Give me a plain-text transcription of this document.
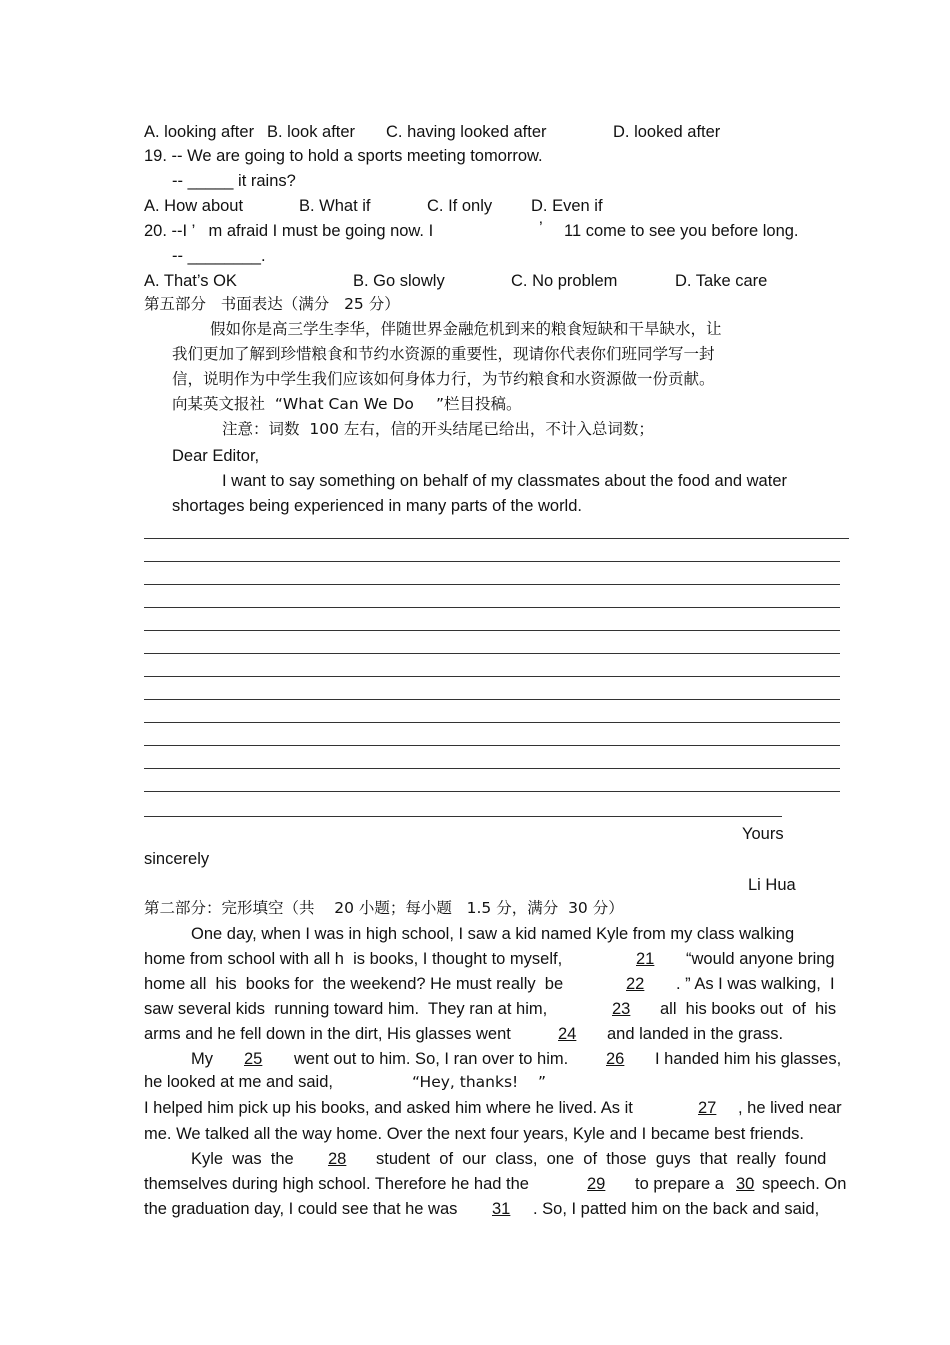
A. looking after B. look after C. having looked after	D. looked after
19. -- We are going to hold a sports meeting tomorrow.
-- _____ it rains?
A. How about	B. What if	C. If only D. Even if
20. --I ’   m afraid I must be going now. I	’ 11 come to see you before long.
-- ________.
A. That’s OK	B. Go slowly	C. No problem	D. Take care
第五部分   书面表达（满分   25 分）
假如你是高三学生李华，伴随世界金融危机到来的粮食短缺和干旱缺水，让
我们更加了解到珍惜粮食和节约水资源的重要性，现请你代表你们班同学写一封
信，说明作为中学生我们应该如何身体力行，为节约粮食和水资源做一份贡献。
向某英文报社  “What Can We Do ”栏目投稿。
注意：词数  100 左右，信的开头结尾已给出，不计入总词数；
Dear Editor,
I want to say something on behalf of my classmates about the food and water
shortages being experienced in many parts of the world.
Yours
sincerely
Li Hua
第二部分：完形填空（共    20 小题；每小题   1.5 分，满分  30 分）
One day, when I was in high school, I saw a kid named Kyle from my class walking
home from school with all h  is books, I thought to myself,	21	“would anyone bring
home all  his  books for  the weekend? He must really  be	22	. ” As I was walking,  I
saw several kids  running toward him.  They ran at him,	23	all  his books out  of  his
arms and he fell down in the dirt, His glasses went	24	and landed in the grass.
My	25	went out to him. So, I ran over to him.	26	I handed him his glasses,
he looked at me and said,	“Hey, thanks!    ”
I helped him pick up his books, and asked him where he lived. As it	27	, he lived near
me. We talked all the way home. Over the next four years, Kyle and I became best friends.
Kyle  was  the	28	student  of  our  class,  one  of  those  guys  that  really  found
themselves during high school. Therefore he had the	29	to prepare a 30 speech. On
the graduation day, I could see that he was 31	. So, I patted him on the back and said,
